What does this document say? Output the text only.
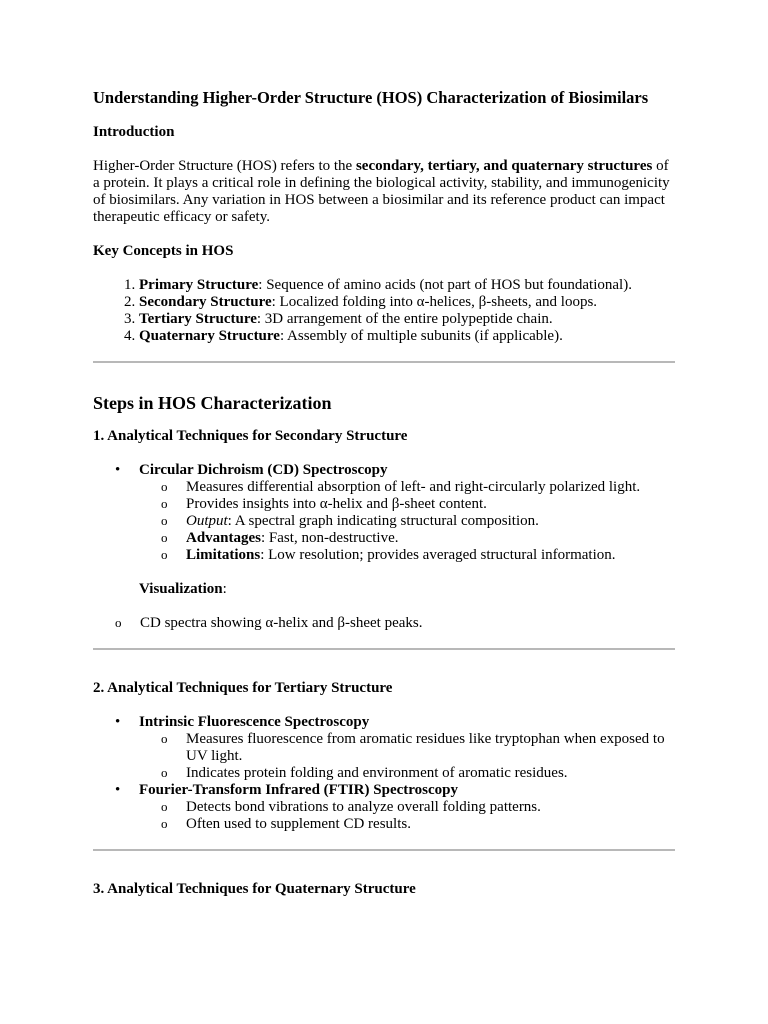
Understanding Higher-Order Structure (HOS) Characterization of Biosimilars
Introduction

Higher-Order Structure (HOS) refers to the secondary, tertiary, and quaternary structures of a protein. It plays a critical role in defining the biological activity, stability, and immunogenicity of biosimilars. Any variation in HOS between a biosimilar and its reference product can impact therapeutic efficacy or safety.

Key Concepts in HOS
1. Primary Structure: Sequence of amino acids (not part of HOS but foundational).
2. Secondary Structure: Localized folding into α-helices, β-sheets, and loops.
3. Tertiary Structure: 3D arrangement of the entire polypeptide chain.
4. Quaternary Structure: Assembly of multiple subunits (if applicable).
Steps in HOS Characterization
1. Analytical Techniques for Secondary Structure
• Circular Dichroism (CD) Spectroscopy
o Measures differential absorption of left- and right-circularly polarized light.
o Provides insights into α-helix and β-sheet content.
o Output: A spectral graph indicating structural composition.
o Advantages: Fast, non-destructive.
o Limitations: Low resolution; provides averaged structural information.
Visualization:
o CD spectra showing α-helix and β-sheet peaks.
2. Analytical Techniques for Tertiary Structure
• Intrinsic Fluorescence Spectroscopy
o Measures fluorescence from aromatic residues like tryptophan when exposed to UV light.
o Indicates protein folding and environment of aromatic residues.
• Fourier-Transform Infrared (FTIR) Spectroscopy
o Detects bond vibrations to analyze overall folding patterns.
o Often used to supplement CD results.
3. Analytical Techniques for Quaternary Structure
